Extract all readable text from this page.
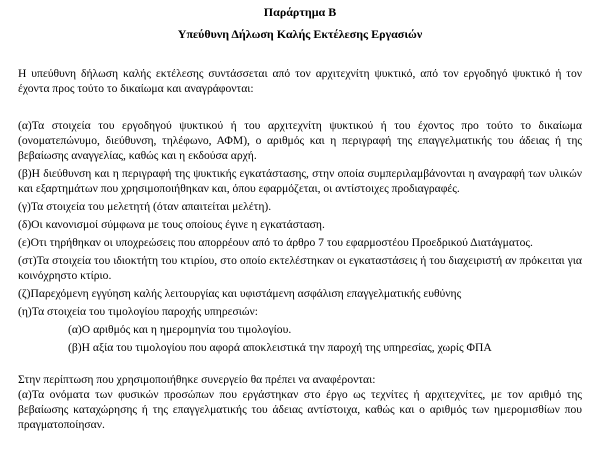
Παράρτημα Β

Υπεύθυνη Δήλωση Καλής Εκτέλεσης Εργασιών

Η υπεύθυνη δήλωση καλής εκτέλεσης συντάσσεται από τον αρχιτεχνίτη ψυκτικό, από τον εργοδηγό ψυκτικό ή τον έχοντα προς τούτο το δικαίωμα και αναγράφονται:

(α)Τα στοιχεία του εργοδηγού ψυκτικού ή του αρχιτεχνίτη ψυκτικού ή του έχοντος προ τούτο το δικαίωμα (ονοματεπώνυμο, διεύθυνση, τηλέφωνο, ΑΦΜ), ο αριθμός και η περιγραφή της επαγγελματικής του άδειας ή της βεβαίωσης αναγγελίας, καθώς και η εκδούσα αρχή.

(β)Η διεύθυνση και η περιγραφή της ψυκτικής εγκατάστασης, στην οποία συμπεριλαμβάνονται η αναγραφή των υλικών και εξαρτημάτων που χρησιμοποιήθηκαν και, όπου εφαρμόζεται, οι αντίστοιχες προδιαγραφές.

(γ)Τα στοιχεία του μελετητή (όταν απαιτείται μελέτη).

(δ)Οι κανονισμοί σύμφωνα με τους οποίους έγινε η εγκατάσταση.

(ε)Οτι τηρήθηκαν οι υποχρεώσεις που απορρέουν από το άρθρο 7 του εφαρμοστέου Προεδρικού Διατάγματος.

(στ)Τα στοιχεία του ιδιοκτήτη του κτιρίου, στο οποίο εκτελέστηκαν οι εγκαταστάσεις ή του διαχειριστή αν πρόκειται για κοινόχρηστο κτίριο.

(ζ)Παρεχόμενη εγγύηση καλής λειτουργίας και υφιστάμενη ασφάλιση επαγγελματικής ευθύνης

(η)Τα στοιχεία του τιμολογίου παροχής υπηρεσιών:

(α)Ο αριθμός και η ημερομηνία του τιμολογίου.

(β)Η αξία του τιμολογίου που αφορά αποκλειστικά την παροχή της υπηρεσίας, χωρίς ΦΠΑ

Στην περίπτωση που χρησιμοποιήθηκε συνεργείο θα πρέπει να αναφέρονται:

(α)Τα ονόματα των φυσικών προσώπων που εργάστηκαν στο έργο ως τεχνίτες ή αρχιτεχνίτες, με τον αριθμό της βεβαίωσης καταχώρησης ή της επαγγελματικής του άδειας αντίστοιχα, καθώς και ο αριθμός των ημερομισθίων που πραγματοποίησαν.
